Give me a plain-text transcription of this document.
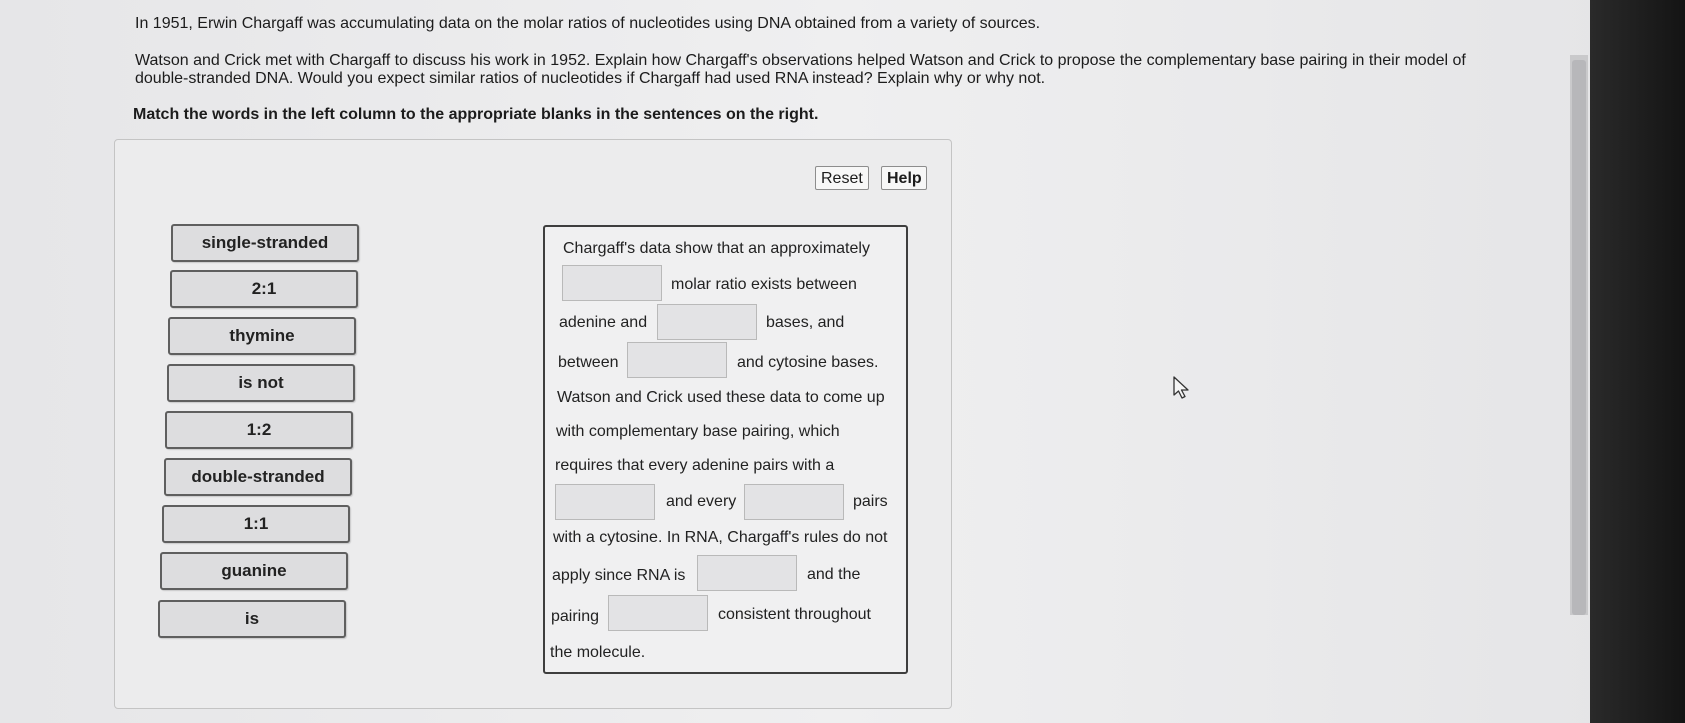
In 1951, Erwin Chargaff was accumulating data on the molar ratios of nucleotides using DNA obtained from a variety of sources.
Watson and Crick met with Chargaff to discuss his work in 1952. Explain how Chargaff's observations helped Watson and Crick to propose the complementary base pairing in their model of double-stranded DNA. Would you expect similar ratios of nucleotides if Chargaff had used RNA instead? Explain why or why not.
Match the words in the left column to the appropriate blanks in the sentences on the right.
Reset	Help
single-stranded
2:1
thymine
is not
1:2
double-stranded
1:1
guanine
is
Chargaff's data show that an approximately
molar ratio exists between
adenine and	bases, and
between	and cytosine bases.
Watson and Crick used these data to come up
with complementary base pairing, which
requires that every adenine pairs with a
and every	pairs
with a cytosine. In RNA, Chargaff's rules do not
apply since RNA is	and the
pairing	consistent throughout
the molecule.
